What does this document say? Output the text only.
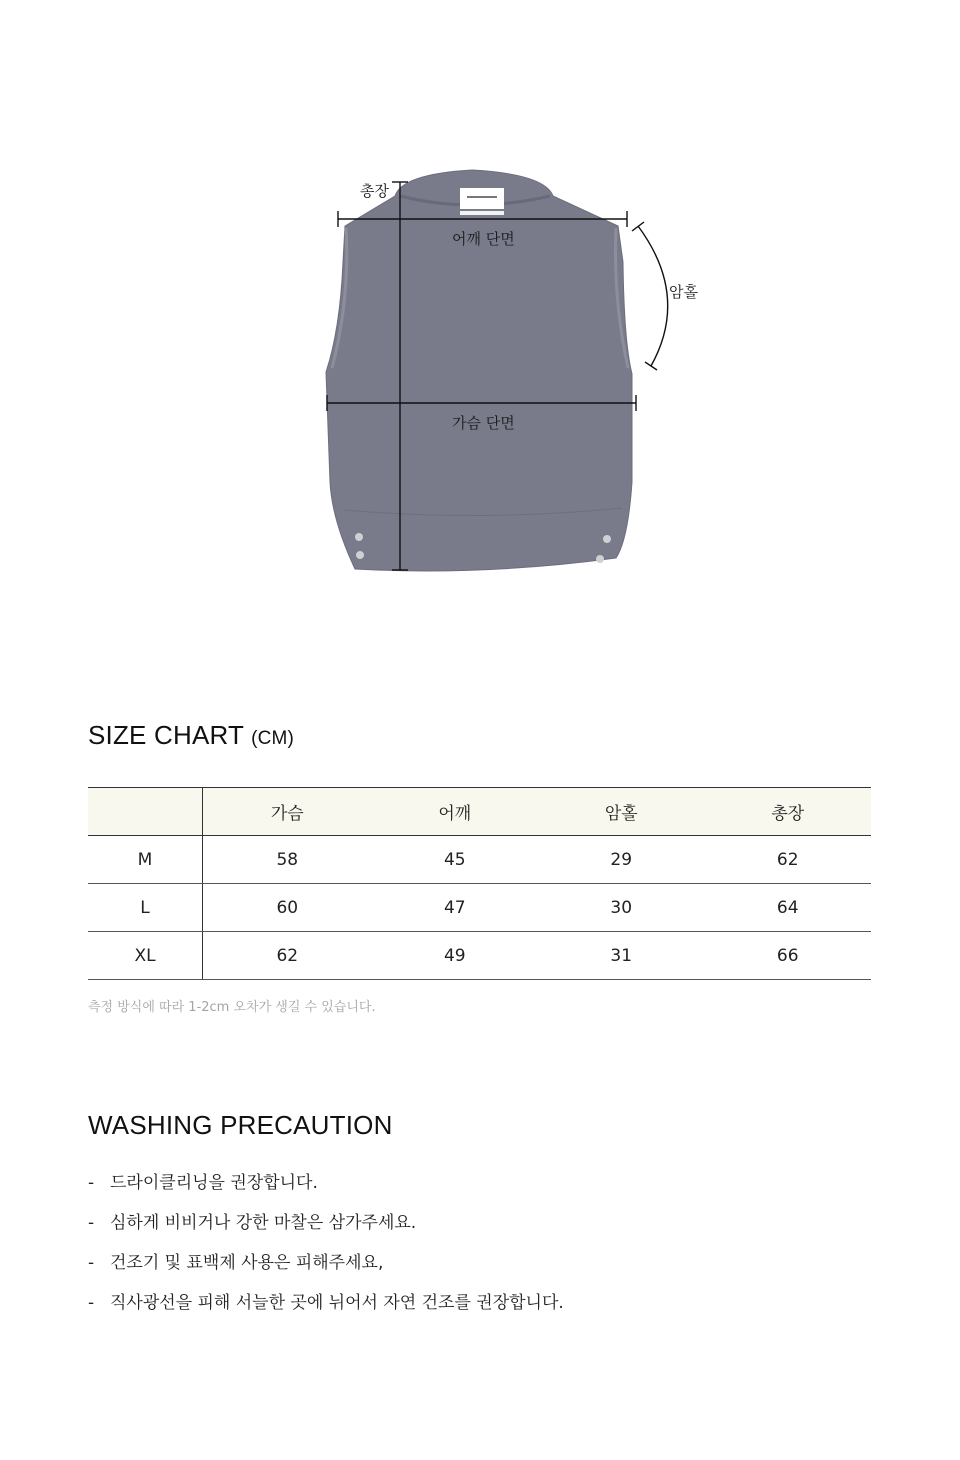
총장
어깨 단면
암홀
가슴 단면
SIZE CHART (CM)
	가슴	어깨	암홀	총장
M	58	45	29	62
L	60	47	30	64
XL	62	49	31	66

측정 방식에 따라 1-2cm 오차가 생길 수 있습니다.

WASHING PRECAUTION
- 드라이클리닝을 권장합니다.
- 심하게 비비거나 강한 마찰은 삼가주세요.
- 건조기 및 표백제 사용은 피해주세요,
- 직사광선을 피해 서늘한 곳에 뉘어서 자연 건조를 권장합니다.
